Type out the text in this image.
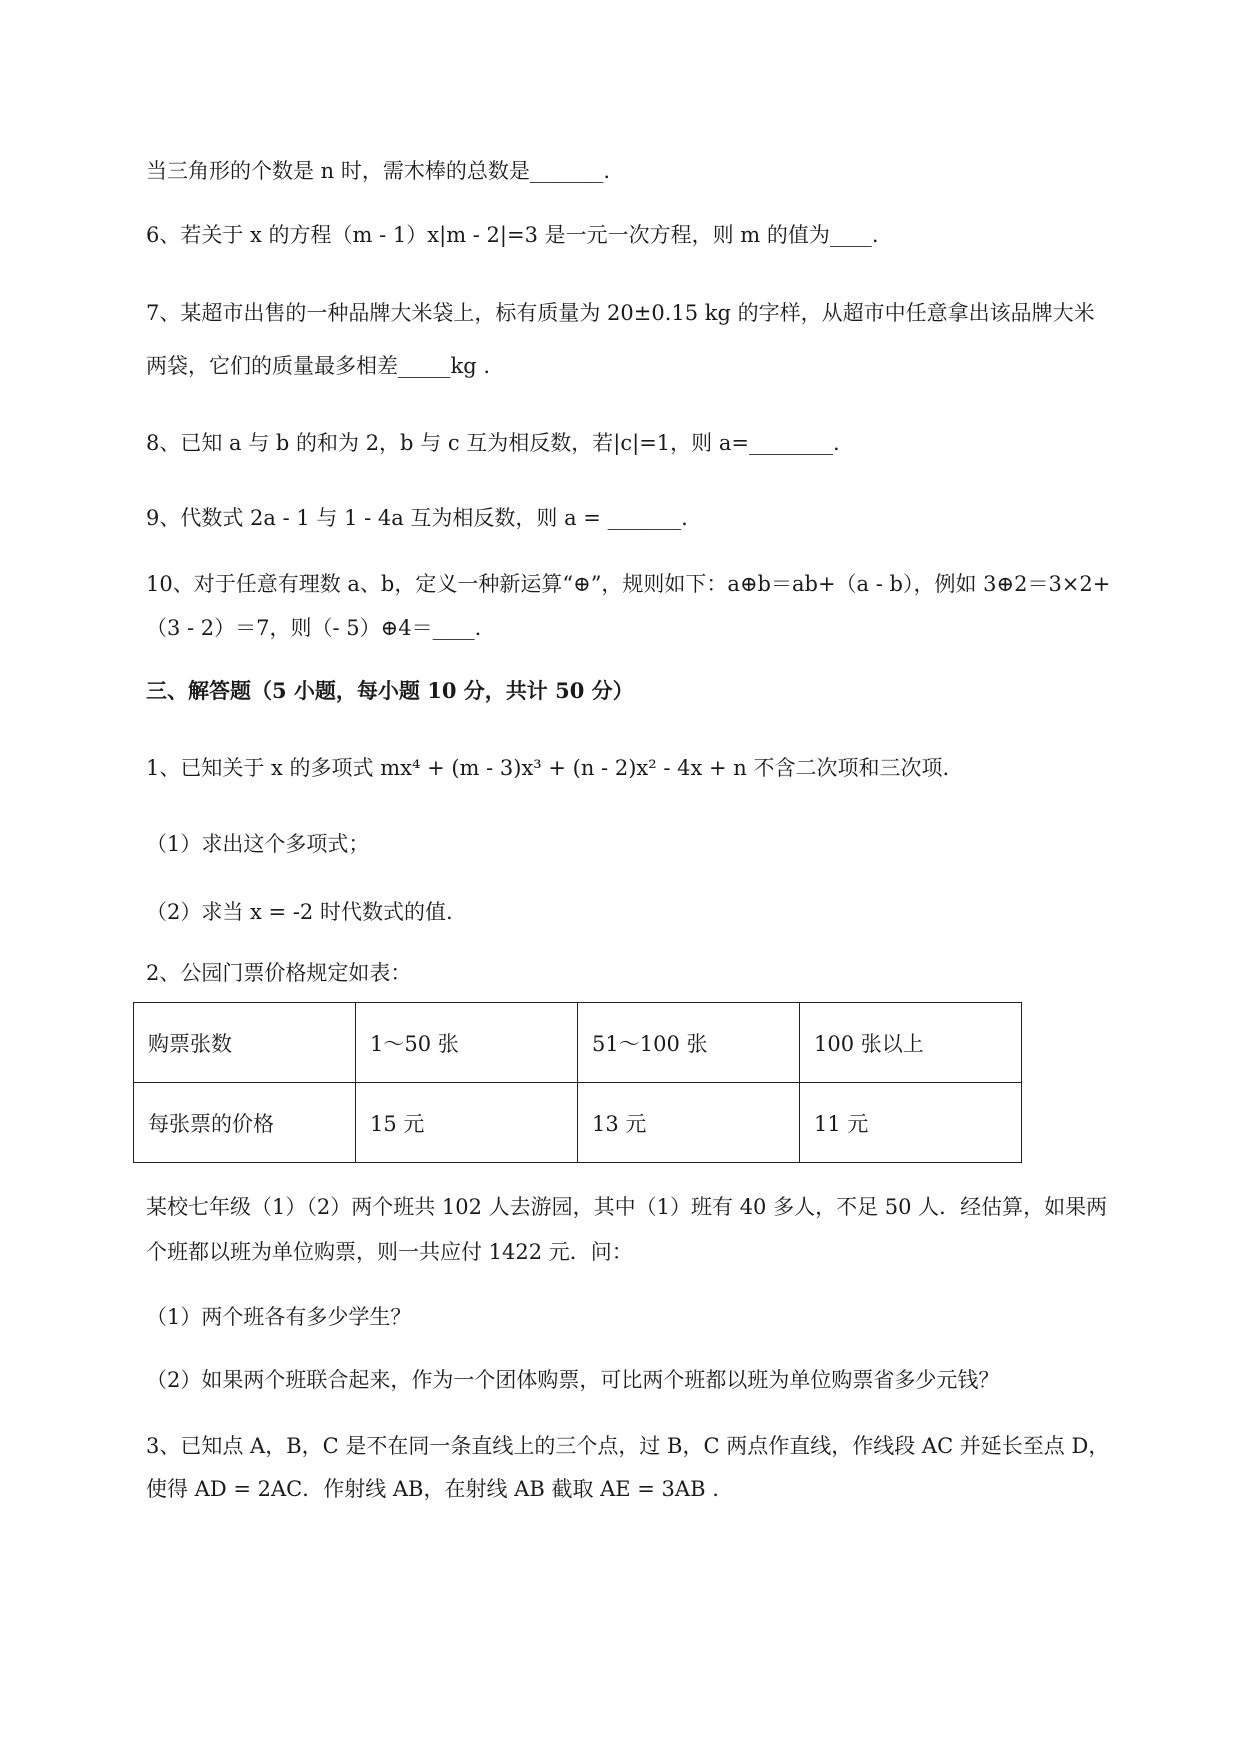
当三角形的个数是 n 时，需木棒的总数是_______.
6、若关于 x 的方程（m - 1）x|m - 2|=3 是一元一次方程，则 m 的值为____.
7、某超市出售的一种品牌大米袋上，标有质量为 20±0.15 kg 的字样，从超市中任意拿出该品牌大米
两袋，它们的质量最多相差_____kg .
8、已知 a 与 b 的和为 2，b 与 c 互为相反数，若|c|=1，则 a=________.
9、代数式 2a - 1 与 1 - 4a 互为相反数，则 a = _______.
10、对于任意有理数 a、b，定义一种新运算“⊕”，规则如下：a⊕b＝ab+（a - b），例如 3⊕2＝3×2+
（3 - 2）＝7，则（- 5）⊕4＝____.
三、解答题（5 小题，每小题 10 分，共计 50 分）
1、已知关于 x 的多项式 mx⁴ + (m - 3)x³ + (n - 2)x² - 4x + n 不含二次项和三次项.
（1）求出这个多项式；
（2）求当 x = -2 时代数式的值.
2、公园门票价格规定如表：
购票张数	1～50 张	51～100 张	100 张以上
每张票的价格	15 元	13 元	11 元
某校七年级（1）（2）两个班共 102 人去游园，其中（1）班有 40 多人，不足 50 人．经估算，如果两
个班都以班为单位购票，则一共应付 1422 元．问：
（1）两个班各有多少学生？
（2）如果两个班联合起来，作为一个团体购票，可比两个班都以班为单位购票省多少元钱？
3、已知点 A，B，C 是不在同一条直线上的三个点，过 B，C 两点作直线，作线段 AC 并延长至点 D，
使得 AD = 2AC．作射线 AB，在射线 AB 截取 AE = 3AB .
